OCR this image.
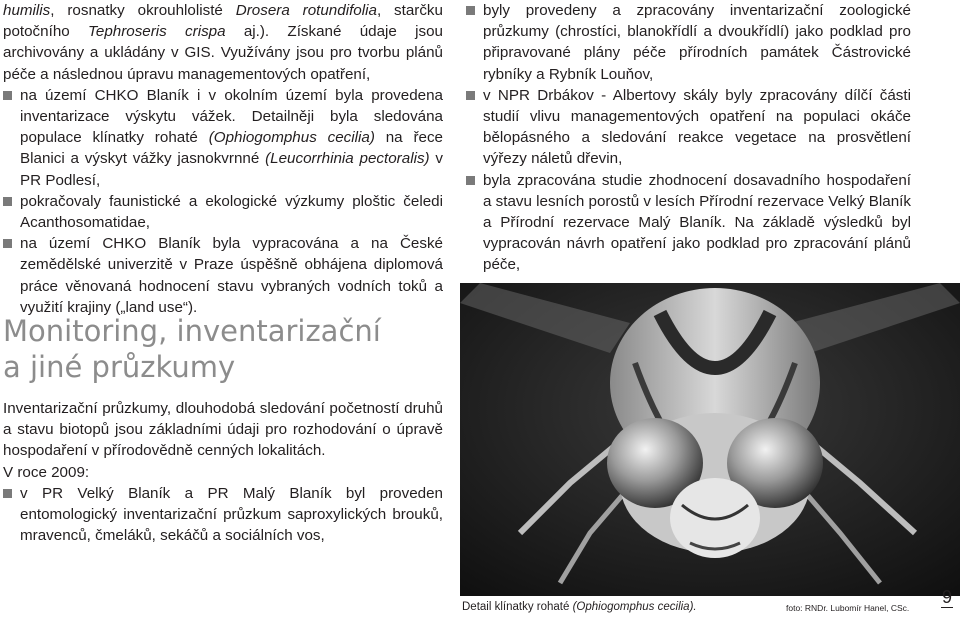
humilis, rosnatky okrouhlolisté Drosera rotundifolia, starčku potočního Tephroseris crispa aj.). Získané údaje jsou archivovány a ukládány v GIS. Využívány jsou pro tvorbu plánů péče a následnou úpravu managementových opatření,

na území CHKO Blaník i v okolním území byla provedena inventarizace výskytu vážek. Detailněji byla sledována populace klínatky rohaté (Ophiogomphus cecilia) na řece Blanici a výskyt vážky jasnokvrnné (Leucorrhinia pectoralis) v PR Podlesí,
pokračovaly faunistické a ekologické výzkumy ploštic čeledi Acanthosomatidae,
na území CHKO Blaník byla vypracována a na České zemědělské univerzitě v Praze úspěšně obhájena diplomová práce věnovaná hodnocení stavu vybraných vodních toků a využití krajiny („land use“).
byly provedeny a zpracovány inventarizační zoologické průzkumy (chrostíci, blanokřídlí a dvoukřídlí) jako podklad pro připravované plány péče přírodních památek Částrovické rybníky a Rybník Louňov,
v NPR Drbákov - Albertovy skály byly zpracovány dílčí části studií vlivu managementových opatření na populaci okáče bělopásného a sledování reakce vegetace na prosvětlení výřezy náletů dřevin,
byla zpracována studie zhodnocení dosavadního hospodaření a stavu lesních porostů v lesích Přírodní rezervace Velký Blaník a Přírodní rezervace Malý Blaník. Na základě výsledků byl vypracován návrh opatření jako podklad pro zpracování plánů péče,
Monitoring, inventarizační
a jiné průzkumy

Inventarizační průzkumy, dlouhodobá sledování početností druhů a stavu biotopů jsou základními údaji pro rozhodování o úpravě hospodaření v přírodovědně cenných lokalitách.

V roce 2009:

v PR Velký Blaník a PR Malý Blaník byl proveden entomologický inventarizační průzkum saproxylických brouků, mravenců, čmeláků, sekáčů a sociálních vos,
Detail klínatky rohaté (Ophiogomphus cecilia).	foto: RNDr. Lubomír Hanel, CSc.
9
